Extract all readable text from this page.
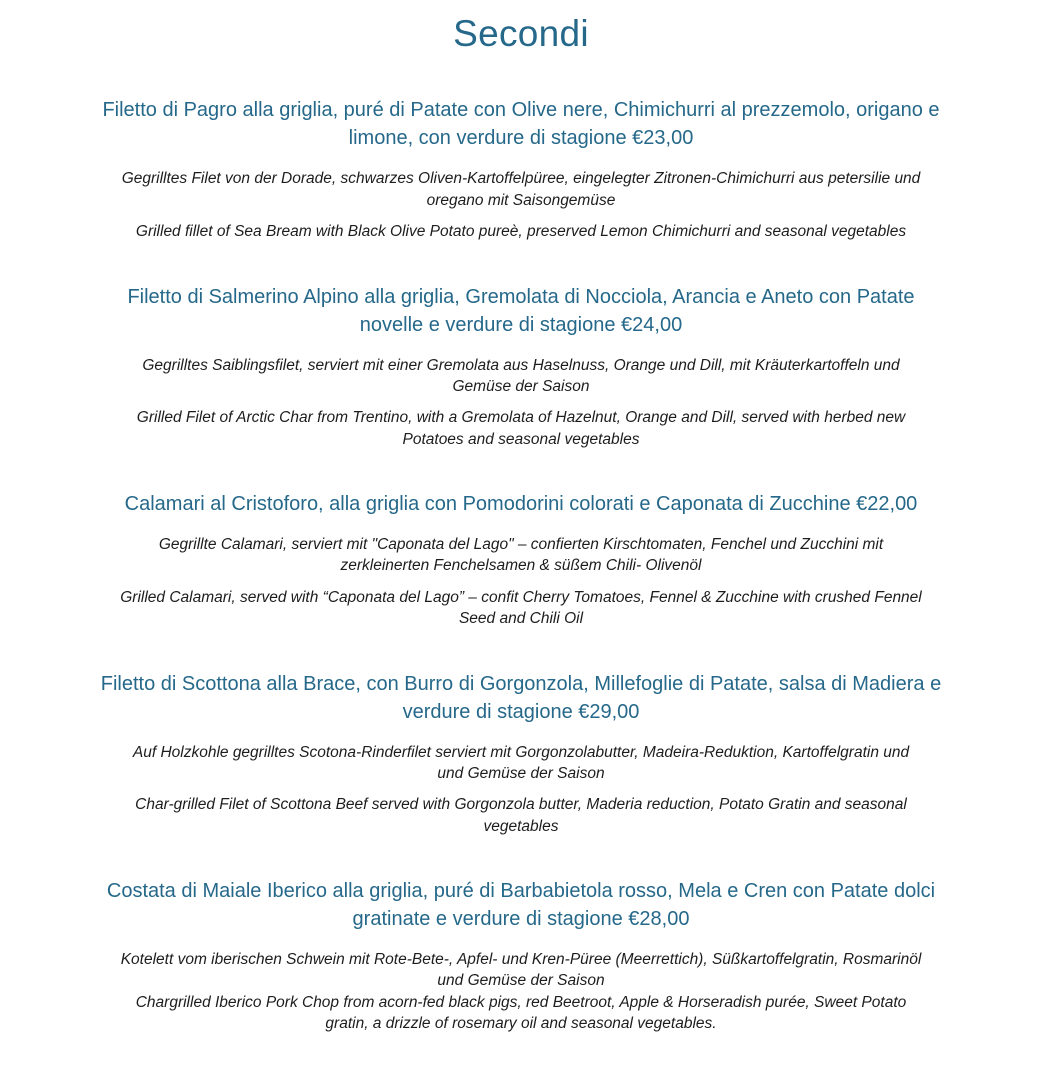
Secondi
Filetto di Pagro alla griglia, puré di Patate con Olive nere, Chimichurri al prezzemolo, origano e limone, con verdure di stagione €23,00

Gegrilltes Filet von der Dorade, schwarzes Oliven-Kartoffelpüree, eingelegter Zitronen-Chimichurri aus petersilie und oregano mit Saisongemüse

Grilled fillet of Sea Bream with Black Olive Potato pureè, preserved Lemon Chimichurri and seasonal vegetables

Filetto di Salmerino Alpino alla griglia, Gremolata di Nocciola, Arancia e Aneto con Patate novelle e verdure di stagione €24,00

Gegrilltes Saiblingsfilet, serviert mit einer Gremolata aus Haselnuss, Orange und Dill, mit Kräuterkartoffeln und Gemüse der Saison

Grilled Filet of Arctic Char from Trentino, with a Gremolata of Hazelnut, Orange and Dill, served with herbed new Potatoes and seasonal vegetables

Calamari al Cristoforo, alla griglia con Pomodorini colorati e Caponata di Zucchine €22,00

Gegrillte Calamari, serviert mit "Caponata del Lago" – confierten Kirschtomaten, Fenchel und Zucchini mit zerkleinerten Fenchelsamen & süßem Chili- Olivenöl

Grilled Calamari, served with “Caponata del Lago” – confit Cherry Tomatoes, Fennel & Zucchine with crushed Fennel Seed and Chili Oil

Filetto di Scottona alla Brace, con Burro di Gorgonzola, Millefoglie di Patate, salsa di Madiera e verdure di stagione €29,00

Auf Holzkohle gegrilltes Scotona-Rinderfilet serviert mit Gorgonzolabutter, Madeira-Reduktion, Kartoffelgratin und und Gemüse der Saison

Char-grilled Filet of Scottona Beef served with Gorgonzola butter, Maderia reduction, Potato Gratin and seasonal vegetables

Costata di Maiale Iberico alla griglia, puré di Barbabietola rosso, Mela e Cren con Patate dolci gratinate e verdure di stagione €28,00

Kotelett vom iberischen Schwein mit Rote-Bete-, Apfel- und Kren-Püree (Meerrettich), Süßkartoffelgratin, Rosmarinöl und Gemüse der Saison

Chargrilled Iberico Pork Chop from acorn-fed black pigs, red Beetroot, Apple & Horseradish purée, Sweet Potato gratin, a drizzle of rosemary oil and seasonal vegetables.
